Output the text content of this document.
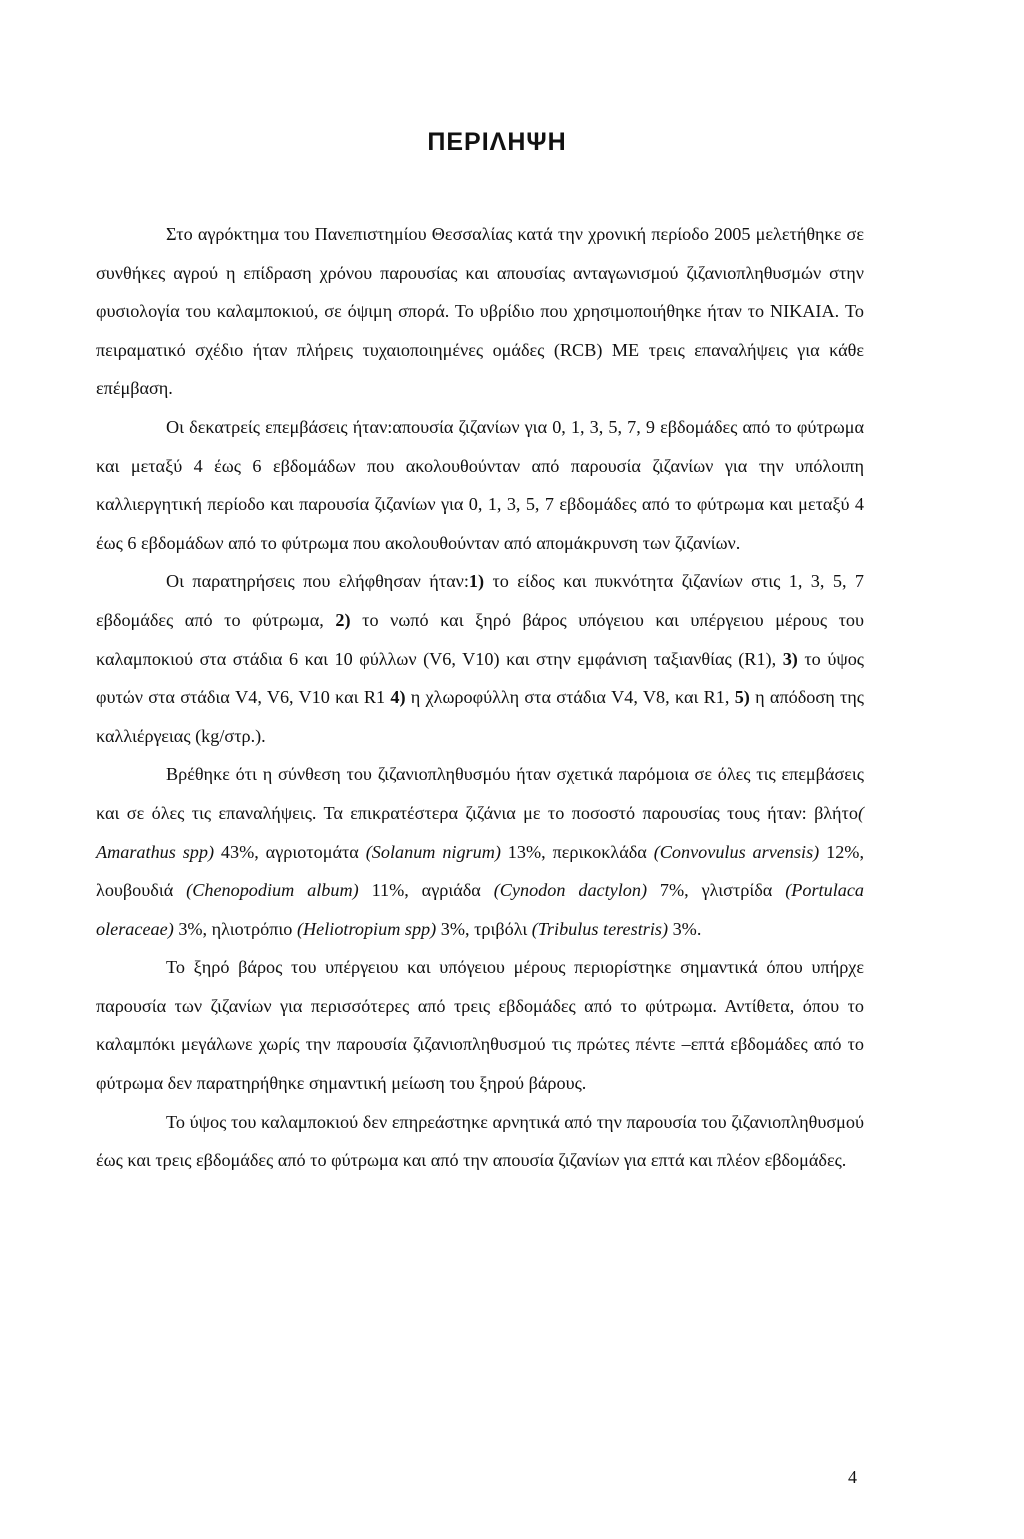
ΠΕΡΙΛΗΨΗ

Στο αγρόκτημα του Πανεπιστημίου Θεσσαλίας κατά την χρονική περίοδο 2005 μελετήθηκε σε συνθήκες αγρού η επίδραση χρόνου παρουσίας και απουσίας ανταγωνισμού ζιζανιοπληθυσμών στην φυσιολογία του καλαμποκιού, σε όψιμη σπορά. Το υβρίδιο που χρησιμοποιήθηκε ήταν το NIKAIA. Το πειραματικό σχέδιο ήταν πλήρεις τυχαιοποιημένες ομάδες (RCB) ΜΕ τρεις επαναλήψεις για κάθε επέμβαση.

Οι δεκατρείς επεμβάσεις ήταν:απουσία ζιζανίων για 0, 1, 3, 5, 7, 9 εβδομάδες από το φύτρωμα και μεταξύ 4 έως 6 εβδομάδων που ακολουθούνταν από παρουσία ζιζανίων για την υπόλοιπη καλλιεργητική περίοδο και παρουσία ζιζανίων για 0, 1, 3, 5, 7 εβδομάδες από το φύτρωμα και μεταξύ 4 έως 6 εβδομάδων από το φύτρωμα που ακολουθούνταν από απομάκρυνση των ζιζανίων.

Οι παρατηρήσεις που ελήφθησαν ήταν:1) το είδος και πυκνότητα ζιζανίων στις 1, 3, 5, 7 εβδομάδες από το φύτρωμα, 2) το νωπό και ξηρό βάρος υπόγειου και υπέργειου μέρους του καλαμποκιού στα στάδια 6 και 10 φύλλων (V6, V10) και στην εμφάνιση ταξιανθίας (R1), 3) το ύψος φυτών στα στάδια V4, V6, V10 και R1 4) η χλωροφύλλη στα στάδια V4, V8, και R1, 5) η απόδοση της καλλιέργειας (kg/στρ.).

Βρέθηκε ότι η σύνθεση του ζιζανιοπληθυσμόυ ήταν σχετικά παρόμοια σε όλες τις επεμβάσεις και σε όλες τις επαναλήψεις. Τα επικρατέστερα ζιζάνια με το ποσοστό παρουσίας τους ήταν: βλήτο( Amarathus spp) 43%, αγριοτομάτα (Solanum nigrum) 13%, περικοκλάδα (Convovulus arvensis) 12%, λουβουδιά (Chenopodium album) 11%, αγριάδα (Cynodon dactylon) 7%, γλιστρίδα (Portulaca oleraceae) 3%, ηλιοτρόπιο (Heliotropium spp) 3%, τριβόλι (Tribulus terestris) 3%.

Το ξηρό βάρος του υπέργειου και υπόγειου μέρους περιορίστηκε σημαντικά όπου υπήρχε παρουσία των ζιζανίων για περισσότερες από τρεις εβδομάδες από το φύτρωμα. Αντίθετα, όπου το καλαμπόκι μεγάλωνε χωρίς την παρουσία ζιζανιοπληθυσμού τις πρώτες πέντε –επτά εβδομάδες από το φύτρωμα δεν παρατηρήθηκε σημαντική μείωση του ξηρού βάρους.

Το ύψος του καλαμποκιού δεν επηρεάστηκε αρνητικά από την παρουσία του ζιζανιοπληθυσμού έως και τρεις εβδομάδες από το φύτρωμα και από την απουσία ζιζανίων για επτά και πλέον εβδομάδες.

4
